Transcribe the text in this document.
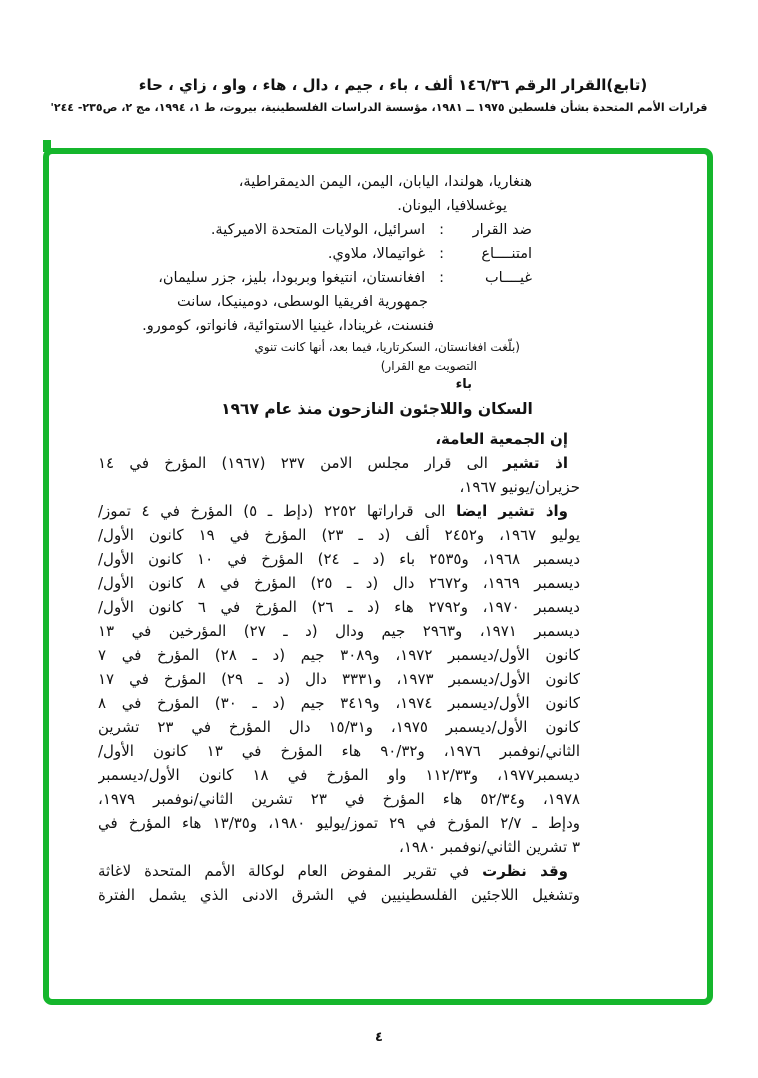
(تابع)القرار الرقم ١٤٦/٣٦ ألف ، باء ، جيم ، دال ، هاء ، واو ، زاي ، حاء
قرارات الأمم المتحدة بشأن فلسطين ١٩٧٥ ــ ١٩٨١، مؤسسة الدراسات الفلسطينية، بيروت، ط ١، ١٩٩٤، مج ٢، ص٢٣٥- ٢٤٤'
هنغاريا، هولندا، اليابان، اليمن، اليمن الديمقراطية،
يوغسلافيا، اليونان.
ضد القرار
:
اسرائيل، الولايات المتحدة الاميركية.
امتنــــاع
:
غواتيمالا، ملاوي.
غيــــاب
:
افغانستان، انتيغوا وبربودا، بليز، جزر سليمان،
جمهورية افريقيا الوسطى، دومينيكا، سانت
فنسنت، غرينادا، غينيا الاستوائية، فانواتو، كومورو.
(بلّغت افغانستان، السكرتاريا، فيما بعد، أنها كانت تنوي
التصويت مع القرار)
باء
السكان واللاجئون النازحون منذ عام ١٩٦٧
إن الجمعية العامة،
اذ تشير الى قرار مجلس الامن ٢٣٧ (١٩٦٧) المؤرخ في ١٤
حزيران/يونيو ١٩٦٧،
واذ تشير ايضا الى قراراتها ٢٢٥٢ (دإط ـ ٥) المؤرخ في ٤ تموز/
يوليو ١٩٦٧، و٢٤٥٢ ألف (د ـ ٢٣) المؤرخ في ١٩ كانون الأول/
ديسمبر ١٩٦٨، و٢٥٣٥ باء (د ـ ٢٤) المؤرخ في ١٠ كانون الأول/
ديسمبر ١٩٦٩، و٢٦٧٢ دال (د ـ ٢٥) المؤرخ في ٨ كانون الأول/
ديسمبر ١٩٧٠، و٢٧٩٢ هاء (د ـ ٢٦) المؤرخ في ٦ كانون الأول/
ديسمبر ١٩٧١، و٢٩٦٣ جيم ودال (د ـ ٢٧) المؤرخين في ١٣
كانون الأول/ديسمبر ١٩٧٢، و٣٠٨٩ جيم (د ـ ٢٨) المؤرخ في ٧
كانون الأول/ديسمبر ١٩٧٣، و٣٣٣١ دال (د ـ ٢٩) المؤرخ في ١٧
كانون الأول/ديسمبر ١٩٧٤، و٣٤١٩ جيم (د ـ ٣٠) المؤرخ في ٨
كانون الأول/ديسمبر ١٩٧٥، و١٥/٣١ دال المؤرخ في ٢٣ تشرين
الثاني/نوفمبر ١٩٧٦، و٩٠/٣٢ هاء المؤرخ في ١٣ كانون الأول/
ديسمبر١٩٧٧، و١١٢/٣٣ واو المؤرخ في ١٨ كانون الأول/ديسمبر
١٩٧٨، و٥٢/٣٤ هاء المؤرخ في ٢٣ تشرين الثاني/نوفمبر ١٩٧٩،
ودإط ـ ٢/٧ المؤرخ في ٢٩ تموز/يوليو ١٩٨٠، و١٣/٣٥ هاء المؤرخ في
٣ تشرين الثاني/نوفمبر ١٩٨٠،
وقد نظرت في تقرير المفوض العام لوكالة الأمم المتحدة لاغاثة
وتشغيل اللاجئين الفلسطينيين في الشرق الادنى الذي يشمل الفترة
٤
